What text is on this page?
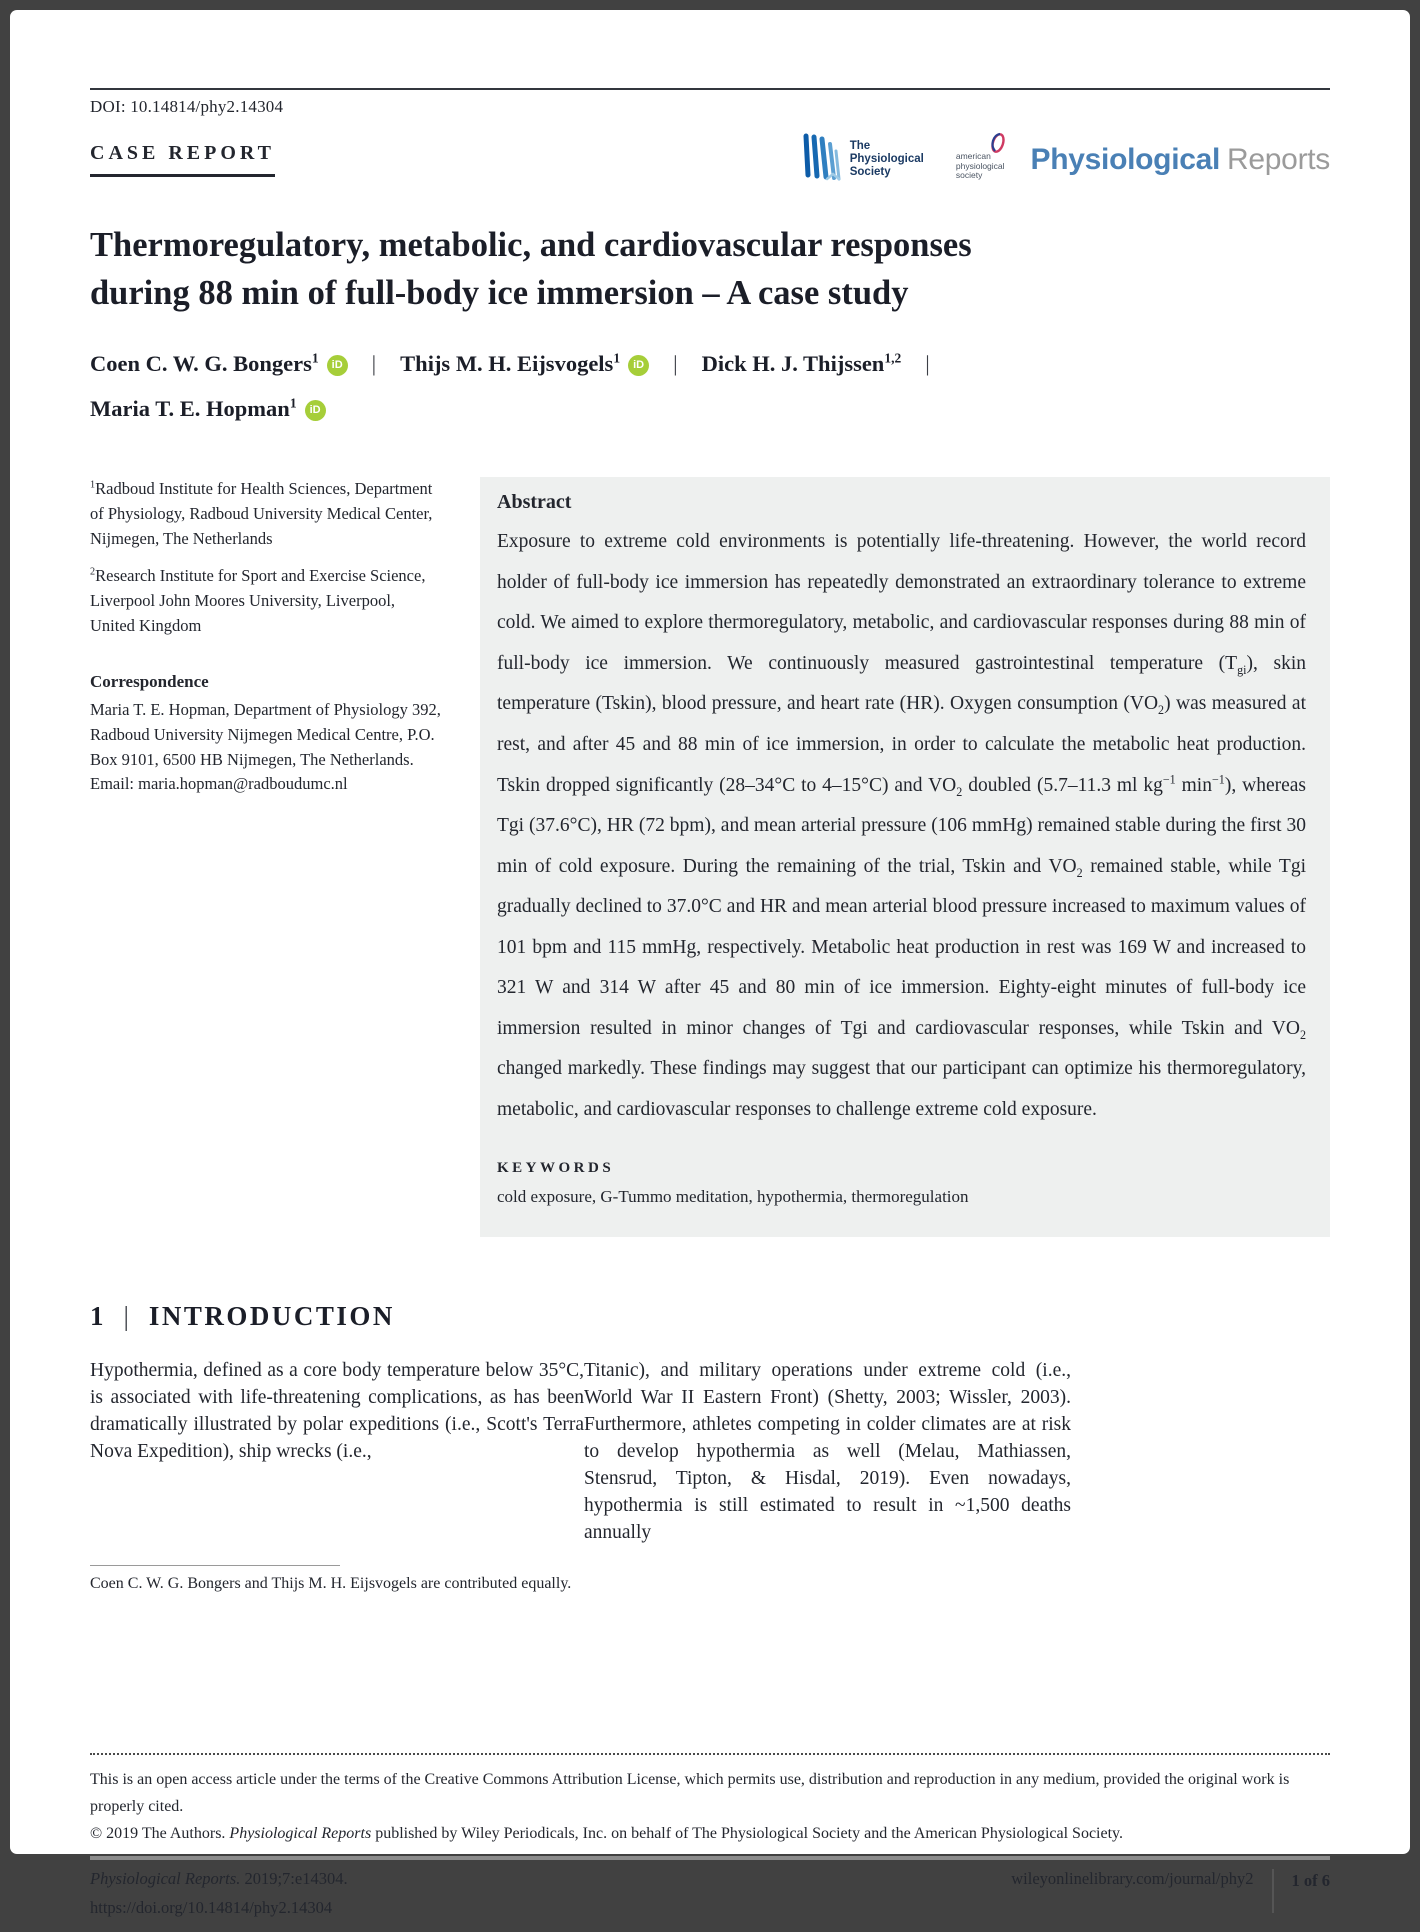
DOI: 10.14814/phy2.14304
CASE REPORT	The
Physiological
Society
american
physiological
society	Physiological Reports
Thermoregulatory, metabolic, and cardiovascular responses
during 88 min of full-body ice immersion – A case study
Coen C. W. G. Bongers$^1$ iD | Thijs M. H. Eijsvogels$^1$ iD | Dick H. J. Thijssen$^{1,2}$ |
Maria T. E. Hopman$^1$ iD

$^1$Radboud Institute for Health Sciences, Department of Physiology, Radboud University Medical Center, Nijmegen, The Netherlands

$^2$Research Institute for Sport and Exercise Science, Liverpool John Moores University, Liverpool, United Kingdom

Correspondence
Maria T. E. Hopman, Department of Physiology 392, Radboud University Nijmegen Medical Centre, P.O. Box 9101, 6500 HB Nijmegen, The Netherlands.
Email: maria.hopman@radboudumc.nl
Abstract
Exposure to extreme cold environments is potentially life-threatening. However, the world record holder of full-body ice immersion has repeatedly demonstrated an extraordinary tolerance to extreme cold. We aimed to explore thermoregulatory, metabolic, and cardiovascular responses during 88 min of full-body ice immersion. We continuously measured gastrointestinal temperature $(T_{gi})$, skin temperature (Tskin), blood pressure, and heart rate (HR). Oxygen consumption $(VO_2)$ was measured at rest, and after 45 and 88 min of ice immersion, in order to calculate the metabolic heat production. Tskin dropped significantly (28–34°C to 4–15°C) and $VO_2$ doubled (5.7–11.3 ml $kg^{-1}$ $\min^{-1}$), whereas Tgi (37.6°C), HR (72 bpm), and mean arterial pressure (106 mmHg) remained stable during the first 30 min of cold exposure. During the remaining of the trial, Tskin and $VO_2$ remained stable, while Tgi gradually declined to 37.0°C and HR and mean arterial blood pressure increased to maximum values of 101 bpm and 115 mmHg, respectively. Metabolic heat production in rest was 169 W and increased to 321 W and 314 W after 45 and 80 min of ice immersion. Eighty-eight minutes of full-body ice immersion resulted in minor changes of Tgi and cardiovascular responses, while Tskin and $VO_2$ changed markedly. These findings may suggest that our participant can optimize his thermoregulatory, metabolic, and cardiovascular responses to challenge extreme cold exposure.
KEYWORDS
cold exposure, G-Tummo meditation, hypothermia, thermoregulation
1 | INTRODUCTION

Hypothermia, defined as a core body temperature below 35°C, is associated with life-threatening complications, as has been dramatically illustrated by polar expeditions (i.e., Scott's Terra Nova Expedition), ship wrecks (i.e.,

Titanic), and military operations under extreme cold (i.e., World War II Eastern Front) (Shetty, 2003; Wissler, 2003). Furthermore, athletes competing in colder climates are at risk to develop hypothermia as well (Melau, Mathiassen, Stensrud, Tipton, & Hisdal, 2019). Even nowadays, hypothermia is still estimated to result in ~1,500 deaths annually

Coen C. W. G. Bongers and Thijs M. H. Eijsvogels are contributed equally.
This is an open access article under the terms of the Creative Commons Attribution License, which permits use, distribution and reproduction in any medium, provided the original work is properly cited.
© 2019 The Authors. Physiological Reports published by Wiley Periodicals, Inc. on behalf of The Physiological Society and the American Physiological Society.
Physiological Reports. 2019;7:e14304.
https://doi.org/10.14814/phy2.14304
wileyonlinelibrary.com/journal/phy2 1 of 6
